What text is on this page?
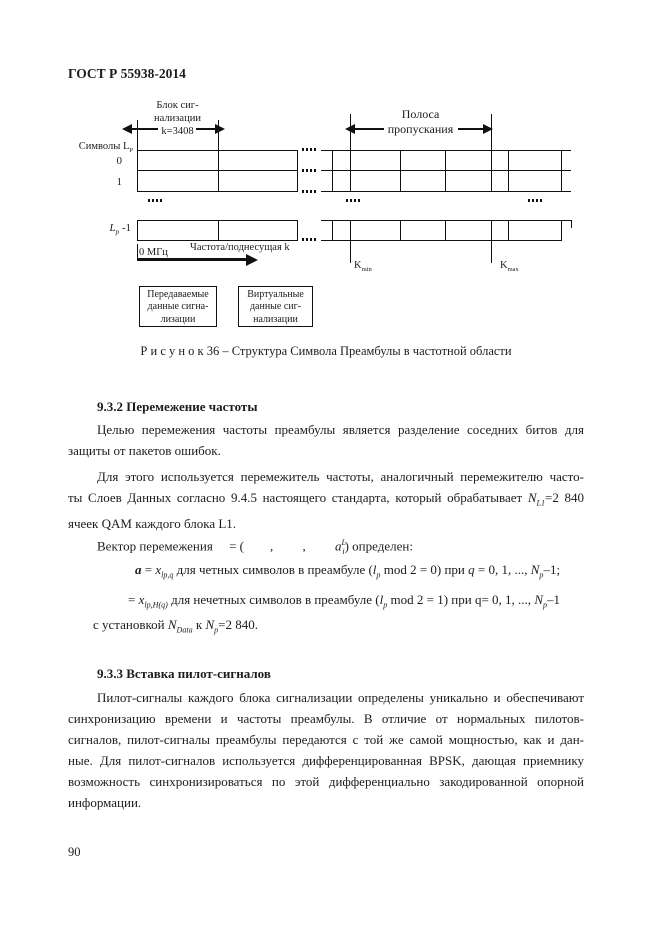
ГОСТ Р 55938-2014
Блок сиг-
нализации
k=3408
Полоса
пропускания
Символы $L_P$
0
1
$L_p$ -1
0 МГц Частота/поднесущая k
$K_{min}$	$K_{max}$
Передаваемые
данные сигна-
лизации
Виртуальные
данные сиг-
нализации
Р и с у н о к 36 – Структура Символа Преамбулы в частотной области
9.3.2 Перемежение частоты
Целью перемежения частоты преамбулы является разделение соседних битов для
защиты от пакетов ошибок.
Для этого используется перемежитель частоты, аналогичный перемежителю часто-
ты Слоев Данных согласно 9.4.5 настоящего стандарта, который обрабатывает $N_{L1}=2$ 840
ячеек QAM каждого блока L1.
Вектор перемежения     = (        ,         ,         $a^L_i$) определен:
$a = x_{lp,q}$ для четных символов в преамбуле ($l_p$ mod 2 = 0) при q = 0, 1, ..., $N_p-1$;
= $x_{lp,H(q)}$ для нечетных символов в преамбуле ($l_p$ mod 2 = 1) при q= 0, 1, ..., $N_p-1$
с установкой $N_{Data}$ к $N_p=2$ 840.
9.3.3 Вставка пилот-сигналов
Пилот-сигналы каждого блока сигнализации определены уникально и обеспечивают
синхронизацию времени и частоты преамбулы. В отличие от нормальных пилотов-
сигналов, пилот-сигналы преамбулы передаются с той же самой мощностью, как и дан-
ные. Для пилот-сигналов используется дифференцированная BPSK, дающая приемнику
возможность синхронизироваться по этой дифференциально закодированной опорной
информации.
90
